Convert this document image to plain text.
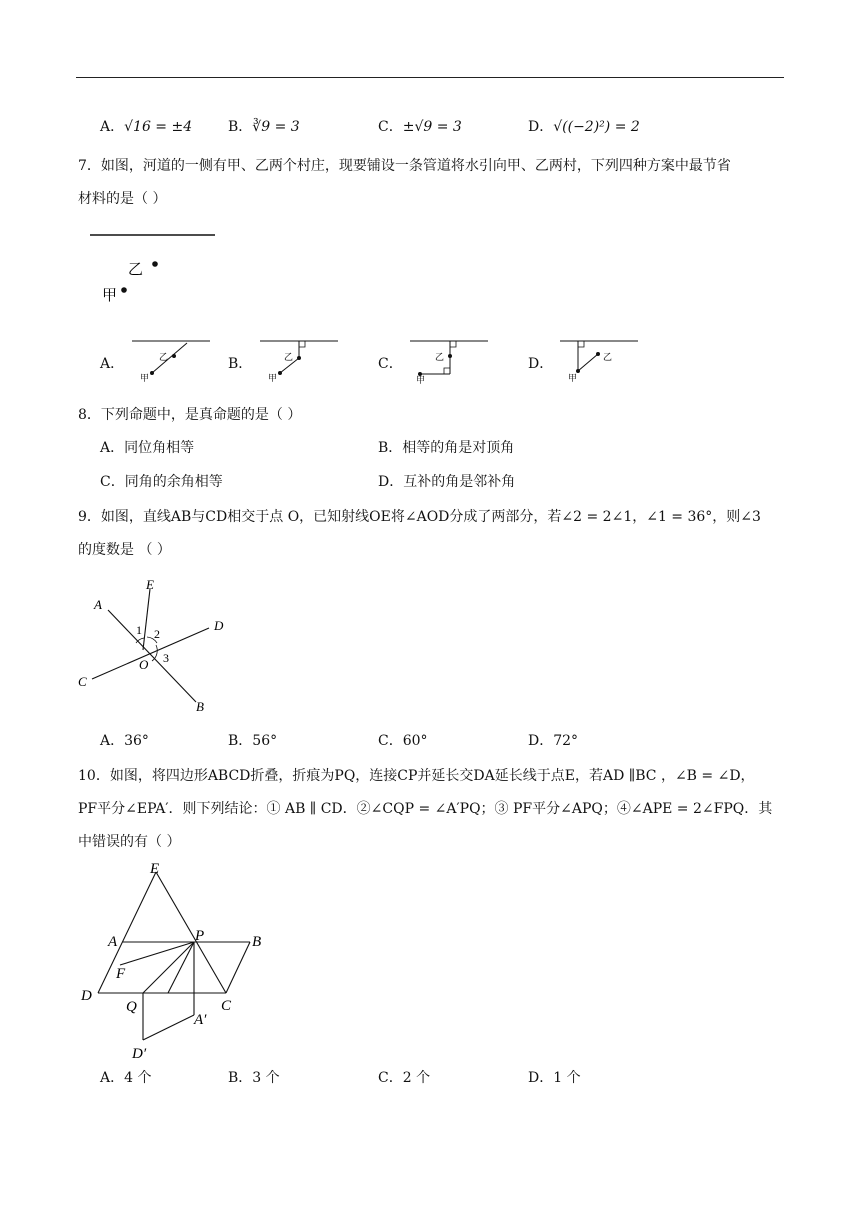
A．√16 = ±4	B．∛9 = 3	C．±√9 = 3	D．√((−2)²) = 2
7．如图，河道的一侧有甲、乙两个村庄，现要铺设一条管道将水引向甲、乙两村，下列四种方案中最节省
材料的是（ ）
乙
甲
A．	乙
甲
B．	乙
甲
C．	乙
甲
D．	乙
甲
8．下列命题中，是真命题的是（ ）
A．同位角相等	B．相等的角是对顶角
C．同角的余角相等	D．互补的角是邻补角
9．如图，直线AB与CD相交于点 O，已知射线OE将∠AOD分成了两部分，若∠2 = 2∠1，∠1 = 36°，则∠3
的度数是 （ ）
A
E
D
C
B
O
1 2
3
A．36°	B．56°	C．60°	D．72°
10．如图，将四边形ABCD折叠，折痕为PQ，连接CP并延长交DA延长线于点E，若AD ∥BC ，∠B = ∠D，
PF平分∠EPA′．则下列结论：① AB ∥ CD．②∠CQP = ∠A′PQ；③ PF平分∠APQ；④∠APE = 2∠FPQ．其
中错误的有（ ）
E
A	P	B
F
D
Q	C
A′
D′
A．4 个	B．3 个	C．2 个	D．1 个
